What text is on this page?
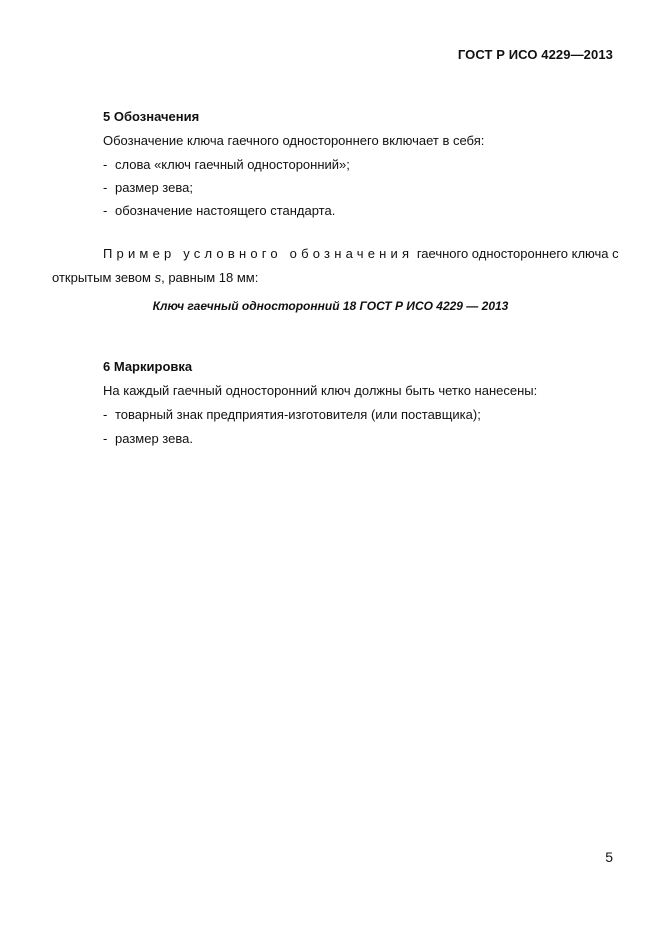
ГОСТ Р ИСО 4229—2013
5 Обозначения
Обозначение ключа гаечного одностороннего включает в себя:
- слова «ключ гаечный односторонний»;
- размер зева;
- обозначение настоящего стандарта.
Пример условного обозначения гаечного одностороннего ключа с
открытым зевом s, равным 18 мм:
Ключ гаечный односторонний 18 ГОСТ Р ИСО 4229 — 2013
6 Маркировка
На каждый гаечный односторонний ключ должны быть четко нанесены:
- товарный знак предприятия-изготовителя (или поставщика);
- размер зева.
5
